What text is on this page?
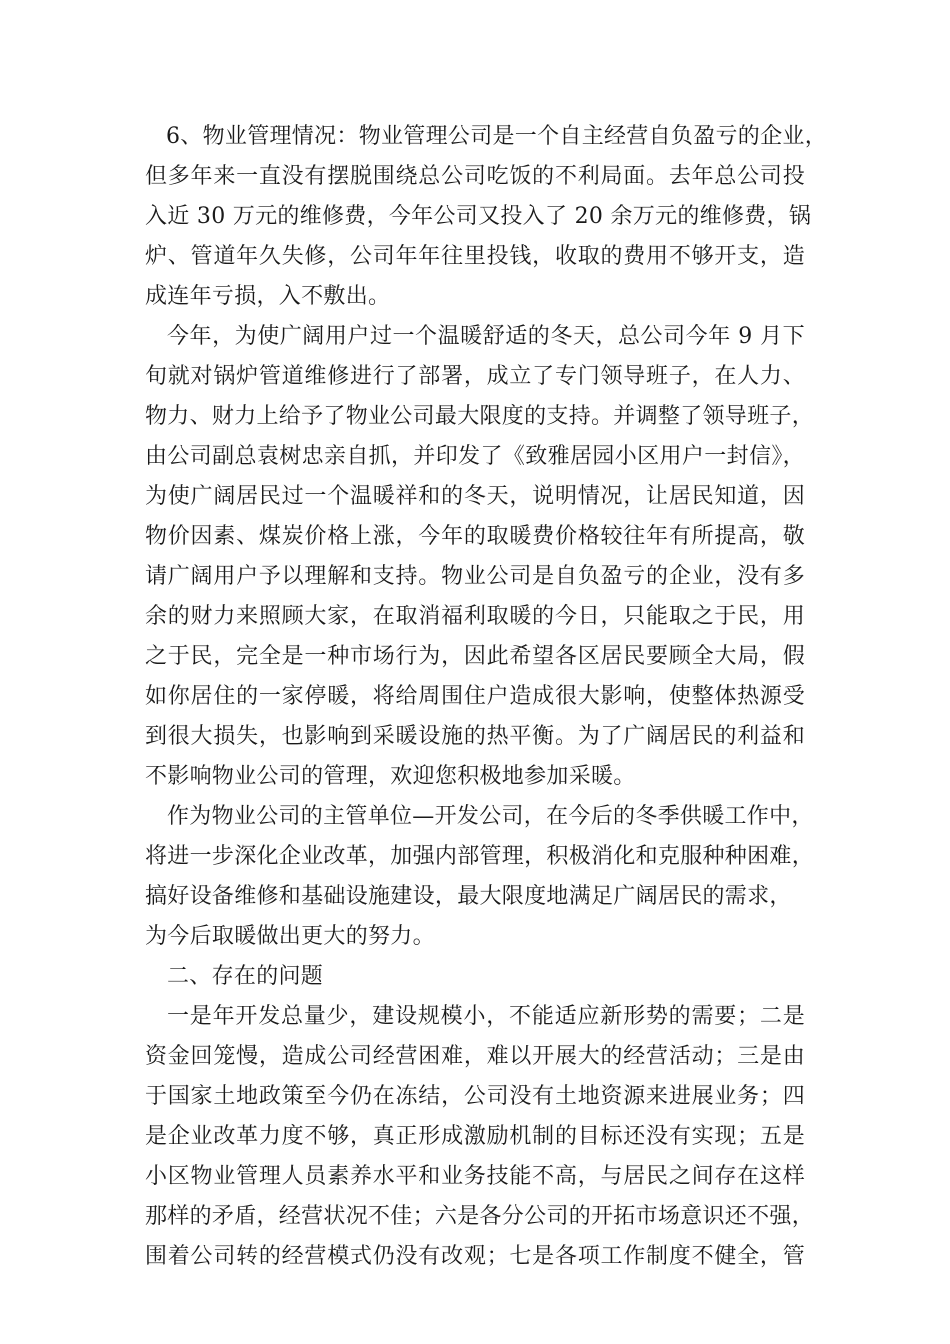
6、物业管理情况：物业管理公司是一个自主经营自负盈亏的企业，
但多年来一直没有摆脱围绕总公司吃饭的不利局面。去年总公司投
入近 30 万元的维修费，今年公司又投入了 20 余万元的维修费，锅
炉、管道年久失修，公司年年往里投钱，收取的费用不够开支，造
成连年亏损，入不敷出。
今年，为使广阔用户过一个温暖舒适的冬天，总公司今年 9 月下
旬就对锅炉管道维修进行了部署，成立了专门领导班子，在人力、
物力、财力上给予了物业公司最大限度的支持。并调整了领导班子，
由公司副总袁树忠亲自抓，并印发了《致雅居园小区用户一封信》，
为使广阔居民过一个温暖祥和的冬天，说明情况，让居民知道，因
物价因素、煤炭价格上涨，今年的取暖费价格较往年有所提高，敬
请广阔用户予以理解和支持。物业公司是自负盈亏的企业，没有多
余的财力来照顾大家，在取消福利取暖的今日，只能取之于民，用
之于民，完全是一种市场行为，因此希望各区居民要顾全大局，假
如你居住的一家停暖，将给周围住户造成很大影响，使整体热源受
到很大损失，也影响到采暖设施的热平衡。为了广阔居民的利益和
不影响物业公司的管理，欢迎您积极地参加采暖。
作为物业公司的主管单位—开发公司，在今后的冬季供暖工作中，
将进一步深化企业改革，加强内部管理，积极消化和克服种种困难，
搞好设备维修和基础设施建设，最大限度地满足广阔居民的需求，
为今后取暖做出更大的努力。
二、存在的问题
一是年开发总量少，建设规模小，不能适应新形势的需要；二是
资金回笼慢，造成公司经营困难，难以开展大的经营活动；三是由
于国家土地政策至今仍在冻结，公司没有土地资源来进展业务；四
是企业改革力度不够，真正形成激励机制的目标还没有实现；五是
小区物业管理人员素养水平和业务技能不高，与居民之间存在这样
那样的矛盾，经营状况不佳；六是各分公司的开拓市场意识还不强，
围着公司转的经营模式仍没有改观；七是各项工作制度不健全，管
